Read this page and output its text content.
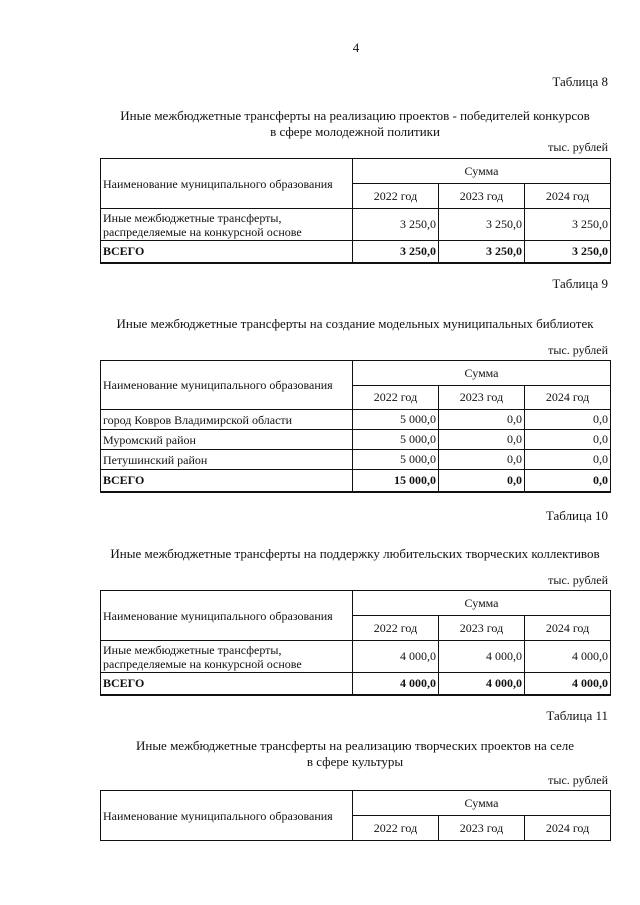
4
Таблица 8
Иные межбюджетные трансферты на реализацию проектов - победителей конкурсов
в сфере молодежной политики
тыс. рублей
Наименование муниципального образования	Сумма		
	2022 год	2023 год	2024 год

Иные межбюджетные трансферты,
распределяемые на конкурсной основе	3 250,0	3 250,0	3 250,0
ВСЕГО	3 250,0	3 250,0	3 250,0
Таблица 9
Иные межбюджетные трансферты на создание модельных муниципальных библиотек
тыс. рублей
Наименование муниципального образования	Сумма		
	2022 год	2023 год	2024 год
город Ковров Владимирской области	5 000,0	0,0	0,0
Муромский район	5 000,0	0,0	0,0
Петушинский район	5 000,0	0,0	0,0
ВСЕГО	15 000,0	0,0	0,0
Таблица 10
Иные межбюджетные трансферты на поддержку любительских творческих коллективов
тыс. рублей
Наименование муниципального образования	Сумма		
	2022 год	2023 год	2024 год

Иные межбюджетные трансферты,
распределяемые на конкурсной основе	4 000,0	4 000,0	4 000,0
ВСЕГО	4 000,0	4 000,0	4 000,0
Таблица 11
Иные межбюджетные трансферты на реализацию творческих проектов на селе
в сфере культуры
тыс. рублей
Наименование муниципального образования	Сумма		
	2022 год	2023 год	2024 год
